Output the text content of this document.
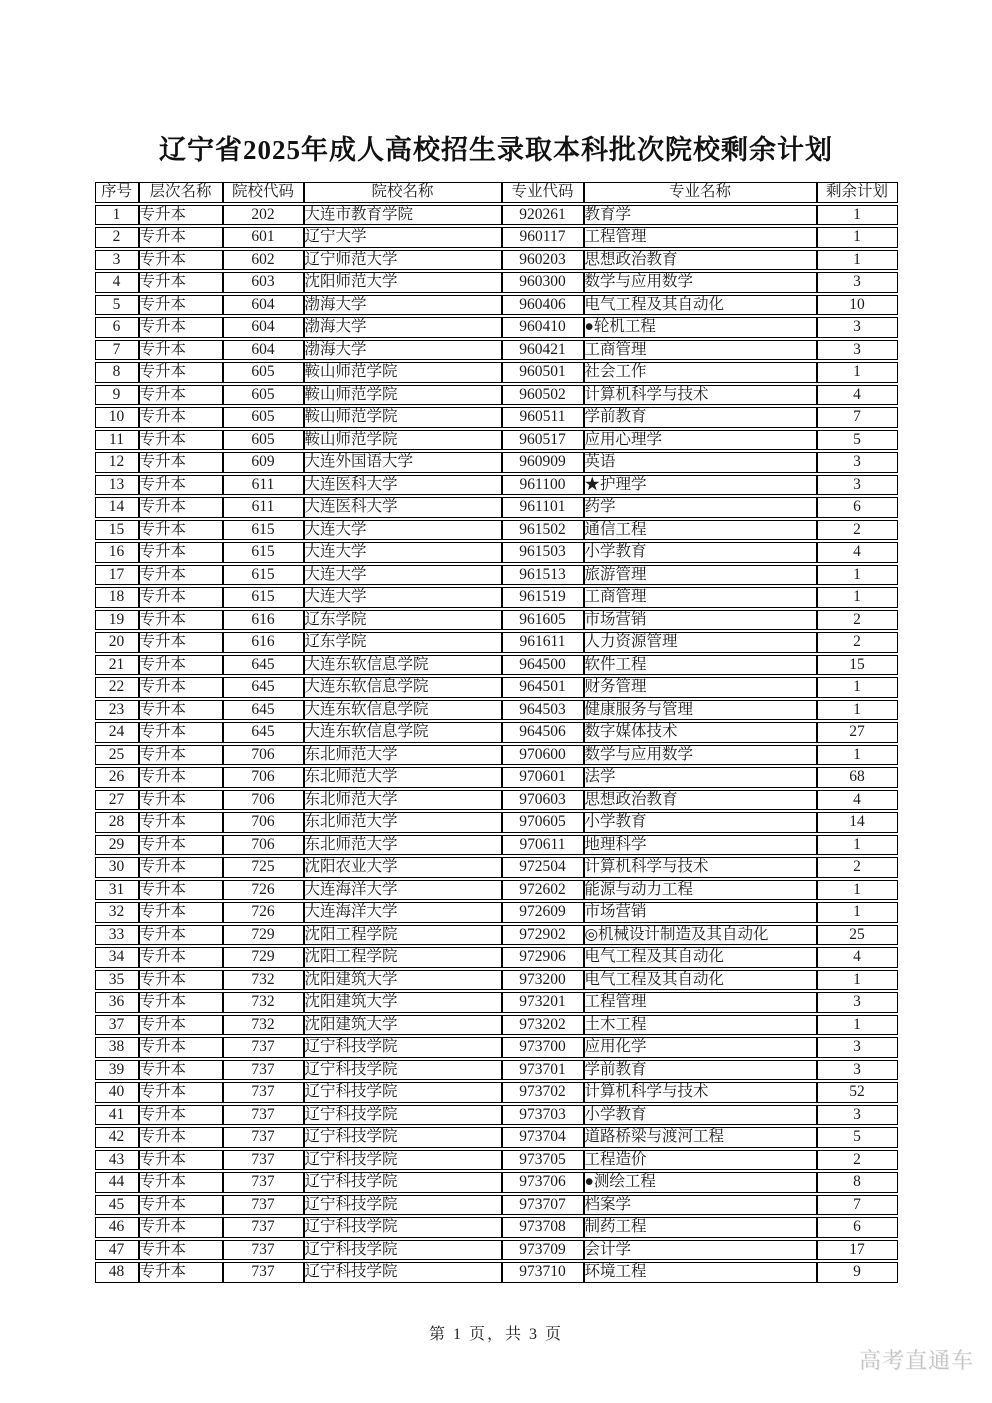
辽宁省2025年成人高校招生录取本科批次院校剩余计划
序号	层次名称	院校代码	院校名称	专业代码	专业名称	剩余计划
1	专升本	202	大连市教育学院	920261	教育学	1
2	专升本	601	辽宁大学	960117	工程管理	1
3	专升本	602	辽宁师范大学	960203	思想政治教育	1
4	专升本	603	沈阳师范大学	960300	数学与应用数学	3
5	专升本	604	渤海大学	960406	电气工程及其自动化	10
6	专升本	604	渤海大学	960410	●轮机工程	3
7	专升本	604	渤海大学	960421	工商管理	3
8	专升本	605	鞍山师范学院	960501	社会工作	1
9	专升本	605	鞍山师范学院	960502	计算机科学与技术	4
10	专升本	605	鞍山师范学院	960511	学前教育	7
11	专升本	605	鞍山师范学院	960517	应用心理学	5
12	专升本	609	大连外国语大学	960909	英语	3
13	专升本	611	大连医科大学	961100	★护理学	3
14	专升本	611	大连医科大学	961101	药学	6
15	专升本	615	大连大学	961502	通信工程	2
16	专升本	615	大连大学	961503	小学教育	4
17	专升本	615	大连大学	961513	旅游管理	1
18	专升本	615	大连大学	961519	工商管理	1
19	专升本	616	辽东学院	961605	市场营销	2
20	专升本	616	辽东学院	961611	人力资源管理	2
21	专升本	645	大连东软信息学院	964500	软件工程	15
22	专升本	645	大连东软信息学院	964501	财务管理	1
23	专升本	645	大连东软信息学院	964503	健康服务与管理	1
24	专升本	645	大连东软信息学院	964506	数字媒体技术	27
25	专升本	706	东北师范大学	970600	数学与应用数学	1
26	专升本	706	东北师范大学	970601	法学	68
27	专升本	706	东北师范大学	970603	思想政治教育	4
28	专升本	706	东北师范大学	970605	小学教育	14
29	专升本	706	东北师范大学	970611	地理科学	1
30	专升本	725	沈阳农业大学	972504	计算机科学与技术	2
31	专升本	726	大连海洋大学	972602	能源与动力工程	1
32	专升本	726	大连海洋大学	972609	市场营销	1
33	专升本	729	沈阳工程学院	972902	◎机械设计制造及其自动化	25
34	专升本	729	沈阳工程学院	972906	电气工程及其自动化	4
35	专升本	732	沈阳建筑大学	973200	电气工程及其自动化	1
36	专升本	732	沈阳建筑大学	973201	工程管理	3
37	专升本	732	沈阳建筑大学	973202	土木工程	1
38	专升本	737	辽宁科技学院	973700	应用化学	3
39	专升本	737	辽宁科技学院	973701	学前教育	3
40	专升本	737	辽宁科技学院	973702	计算机科学与技术	52
41	专升本	737	辽宁科技学院	973703	小学教育	3
42	专升本	737	辽宁科技学院	973704	道路桥梁与渡河工程	5
43	专升本	737	辽宁科技学院	973705	工程造价	2
44	专升本	737	辽宁科技学院	973706	●测绘工程	8
45	专升本	737	辽宁科技学院	973707	档案学	7
46	专升本	737	辽宁科技学院	973708	制药工程	6
47	专升本	737	辽宁科技学院	973709	会计学	17
48	专升本	737	辽宁科技学院	973710	环境工程	9
第 1 页，共 3 页
高考直通车
